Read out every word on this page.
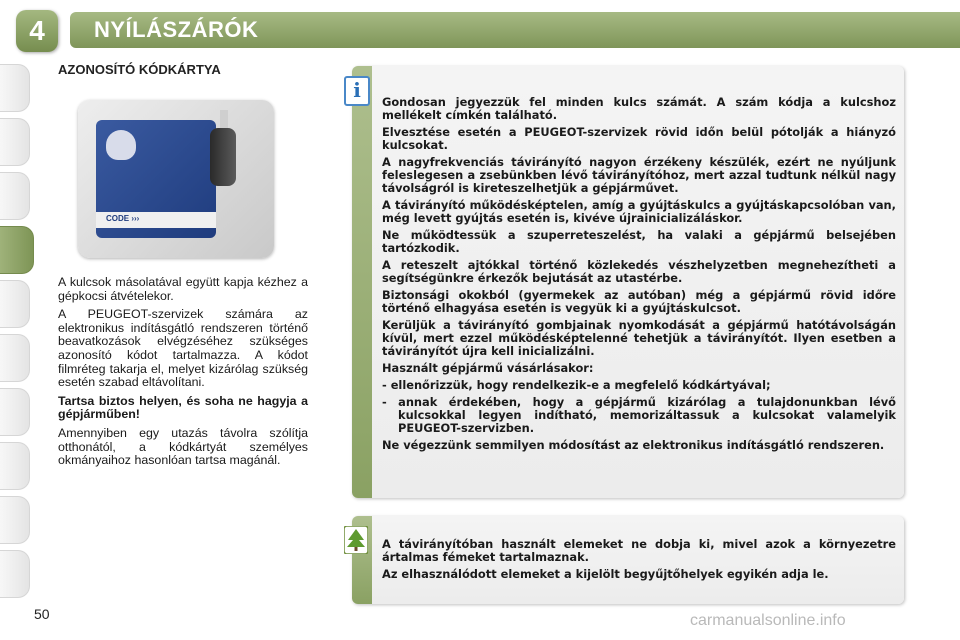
4	NYÍLÁSZÁRÓK
AZONOSÍTÓ KÓDKÁRTYA
CODE ›››

A kulcsok másolatával együtt kapja kézhez a gépkocsi átvételekor.

A PEUGEOT-szervizek számára az elektronikus indításgátló rendszeren történő beavatkozások elvégzéséhez szükséges azonosító kódot tartalmazza. A kódot filmréteg takarja el, melyet kizárólag szükség esetén szabad eltávolítani.

Tartsa biztos helyen, és soha ne hagyja a gépjárműben!

Amennyiben egy utazás távolra szólítja otthonától, a kódkártyát személyes okmányaihoz hasonlóan tartsa magánál.

i	Gondosan jegyezzük fel minden kulcs számát. A szám kódja a kulcshoz mellékelt címkén található.

Elvesztése esetén a PEUGEOT-szervizek rövid időn belül pótolják a hiányzó kulcsokat.

A nagyfrekvenciás távirányító nagyon érzékeny készülék, ezért ne nyúljunk feleslegesen a zsebünkben lévő távirányítóhoz, mert azzal tudtunk nélkül nagy távolságról is kireteszelhetjük a gépjárművet.

A távirányító működésképtelen, amíg a gyújtáskulcs a gyújtáskapcsolóban van, még levett gyújtás esetén is, kivéve újrainicializáláskor.

Ne működtessük a szuperreteszelést, ha valaki a gépjármű belsejében tartózkodik.

A reteszelt ajtókkal történő közlekedés vészhelyzetben megnehezítheti a segítségünkre érkezők bejutását az utastérbe.

Biztonsági okokból (gyermekek az autóban) még a gépjármű rövid időre történő elhagyása esetén is vegyük ki a gyújtáskulcsot.

Kerüljük a távirányító gombjainak nyomkodását a gépjármű hatótávolságán kívül, mert ezzel működésképtelenné tehetjük a távirányítót. Ilyen esetben a távirányítót újra kell inicializálni.

Használt gépjármű vásárlásakor:

- ellenőrizzük, hogy rendelkezik-e a megfelelő kódkártyával;

- annak érdekében, hogy a gépjármű kizárólag a tulajdonunkban lévő kulcsokkal legyen indítható, memorizáltassuk a kulcsokat valamelyik PEUGEOT-szervizben.

Ne végezzünk semmilyen módosítást az elektronikus indításgátló rendszeren.

A távirányítóban használt elemeket ne dobja ki, mivel azok a környezetre ártalmas fémeket tartalmaznak.

Az elhasználódott elemeket a kijelölt begyűjtőhelyek egyikén adja le.

50	carmanualsonline.info
